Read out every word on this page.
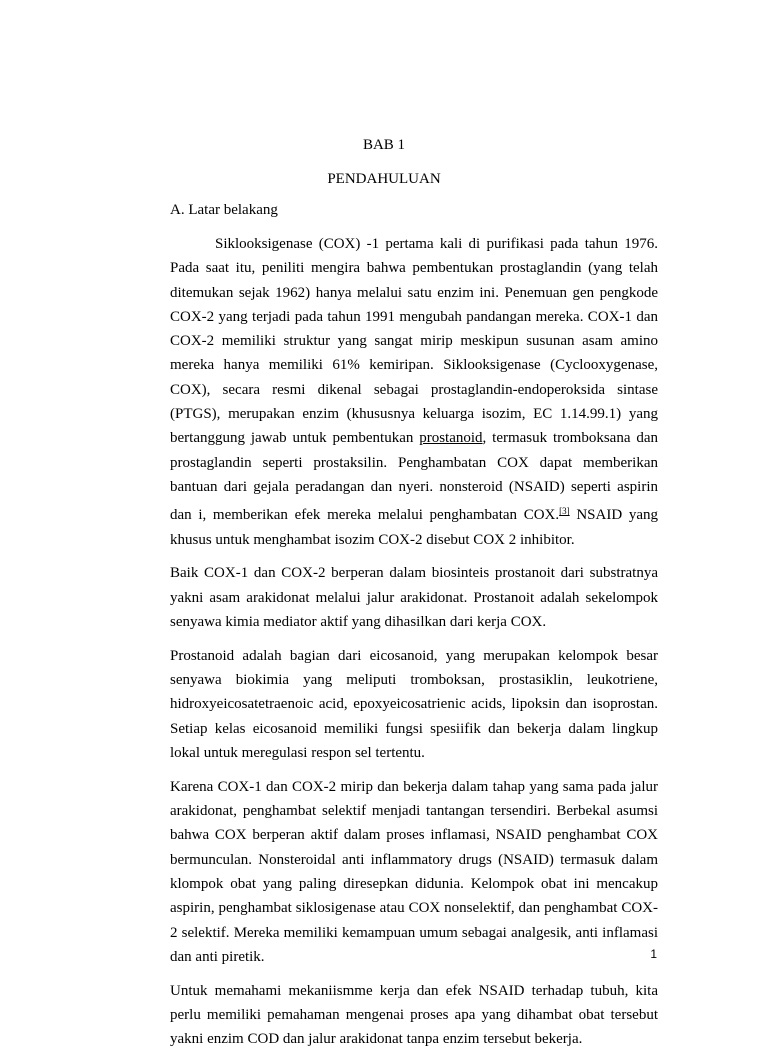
BAB 1
PENDAHULUAN
A. Latar belakang

Siklooksigenase (COX) -1 pertama kali di purifikasi pada tahun 1976. Pada saat itu, peniliti mengira bahwa pembentukan prostaglandin (yang telah ditemukan sejak 1962) hanya melalui satu enzim ini. Penemuan gen pengkode COX-2 yang terjadi pada tahun 1991 mengubah pandangan mereka. COX-1 dan COX-2 memiliki struktur yang sangat mirip meskipun susunan asam amino mereka hanya memiliki 61% kemiripan. Siklooksigenase (Cyclooxygenase, COX), secara resmi dikenal sebagai prostaglandin-endoperoksida sintase (PTGS), merupakan enzim (khususnya keluarga isozim, EC 1.14.99.1) yang bertanggung jawab untuk pembentukan prostanoid, termasuk tromboksana dan prostaglandin seperti prostaksilin. Penghambatan COX dapat memberikan bantuan dari gejala peradangan dan nyeri. nonsteroid (NSAID) seperti aspirin dan i, memberikan efek mereka melalui penghambatan COX.[3] NSAID yang khusus untuk menghambat isozim COX-2 disebut COX 2 inhibitor.

Baik COX-1 dan COX-2 berperan dalam biosinteis prostanoit dari substratnya yakni asam arakidonat melalui jalur arakidonat. Prostanoit adalah sekelompok senyawa kimia mediator aktif yang dihasilkan dari kerja COX.

Prostanoid adalah bagian dari eicosanoid, yang merupakan kelompok besar senyawa biokimia yang meliputi tromboksan, prostasiklin, leukotriene, hidroxyeicosatetraenoic acid, epoxyeicosatrienic acids, lipoksin dan isoprostan. Setiap kelas eicosanoid memiliki fungsi spesiifik dan bekerja dalam lingkup lokal untuk meregulasi respon sel tertentu.

Karena COX-1 dan COX-2 mirip dan bekerja dalam tahap yang sama pada jalur arakidonat, penghambat selektif menjadi tantangan tersendiri. Berbekal asumsi bahwa COX berperan aktif dalam proses inflamasi, NSAID penghambat COX bermunculan. Nonsteroidal anti inflammatory drugs (NSAID) termasuk dalam klompok obat yang paling diresepkan didunia. Kelompok obat ini mencakup aspirin, penghambat siklosigenase atau COX nonselektif, dan penghambat COX-2 selektif. Mereka memiliki kemampuan umum sebagai analgesik, anti inflamasi dan anti piretik.

Untuk memahami mekaniismme kerja dan efek NSAID terhadap tubuh, kita perlu memiliki pemahaman mengenai proses apa yang dihambat obat tersebut yakni enzim COD dan jalur arakidonat tanpa enzim tersebut bekerja.

1
